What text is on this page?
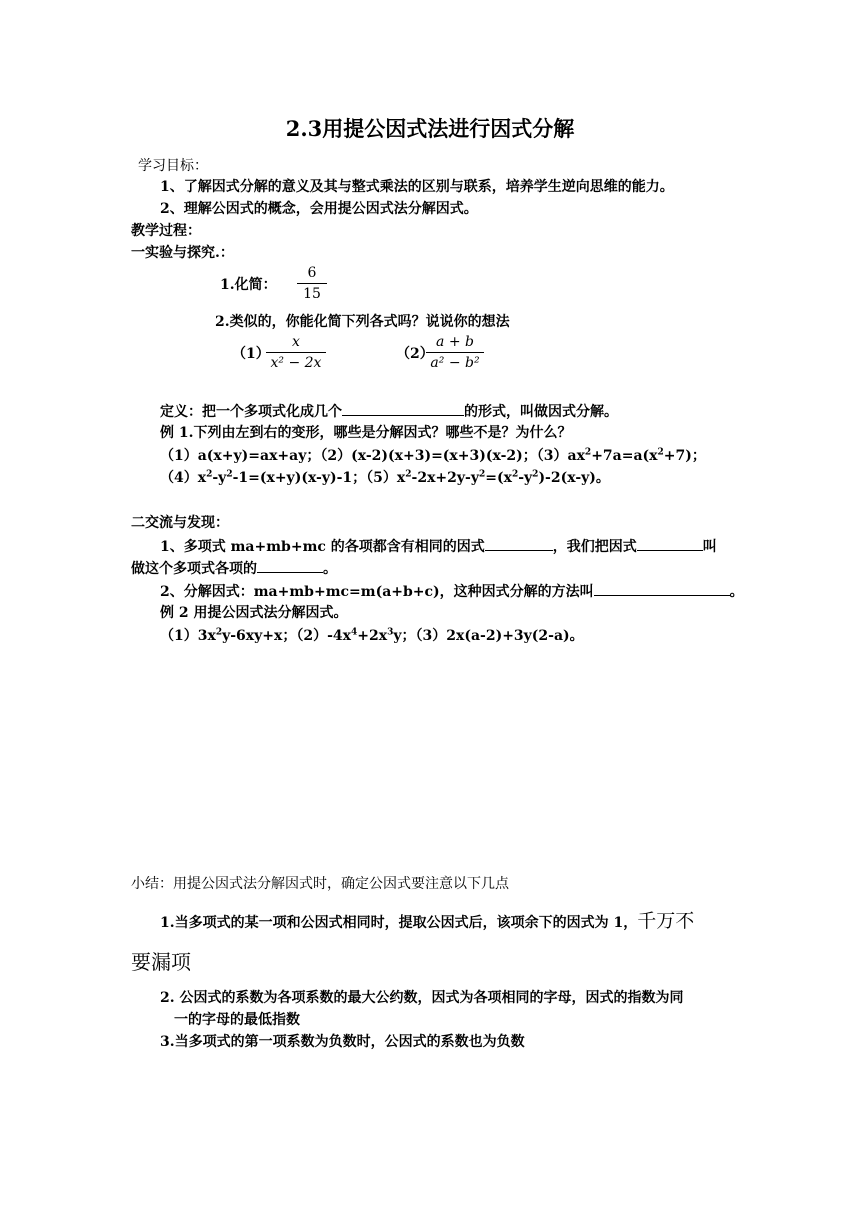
2.3用提公因式法进行因式分解
学习目标：
1、了解因式分解的意义及其与整式乘法的区别与联系，培养学生逆向思维的能力。
2、理解公因式的概念，会用提公因式法分解因式。
教学过程：
一实验与探究.：
1.化简： $\frac{6}{15}$
2.类似的，你能化简下列各式吗？说说你的想法
（1）
$\frac{x}{\text{x² − 2x}}$	（2）
$\frac{a + b}{\text{a² − b²}}$
定义：把一个多项式化成几个	的形式，叫做因式分解。
例 1.下列由左到右的变形，哪些是分解因式？哪些不是？为什么？
（1）a(x+y)=ax+ay；（2）(x-2)(x+3)=(x+3)(x-2)；$(3)ax^2+7a=a(x^2+7)$；
$(4)x^2-y^2-1=(x+y)(x-y)-1$；$(5)x^2-2x+2y-y^2=(x^2-y^2)-2(x-y)$。
二交流与发现：
1、多项式 ma+mb+mc 的各项都含有相同的因式	，我们把因式	叫
做这个多项式各项的	。
2、分解因式：ma+mb+mc=m(a+b+c)，这种因式分解的方法叫	。
例 2 用提公因式法分解因式。
$(1)3x^2y-6xy+x$；$(2)-4x^4+2x^3y$；（3）2x(a-2)+3y(2-a)。
小结：用提公因式法分解因式时，确定公因式要注意以下几点
1.当多项式的某一项和公因式相同时，提取公因式后，该项余下的因式为 1，千万不
要漏项
2. 公因式的系数为各项系数的最大公约数，因式为各项相同的字母，因式的指数为同
一的字母的最低指数
3.当多项式的第一项系数为负数时，公因式的系数也为负数
